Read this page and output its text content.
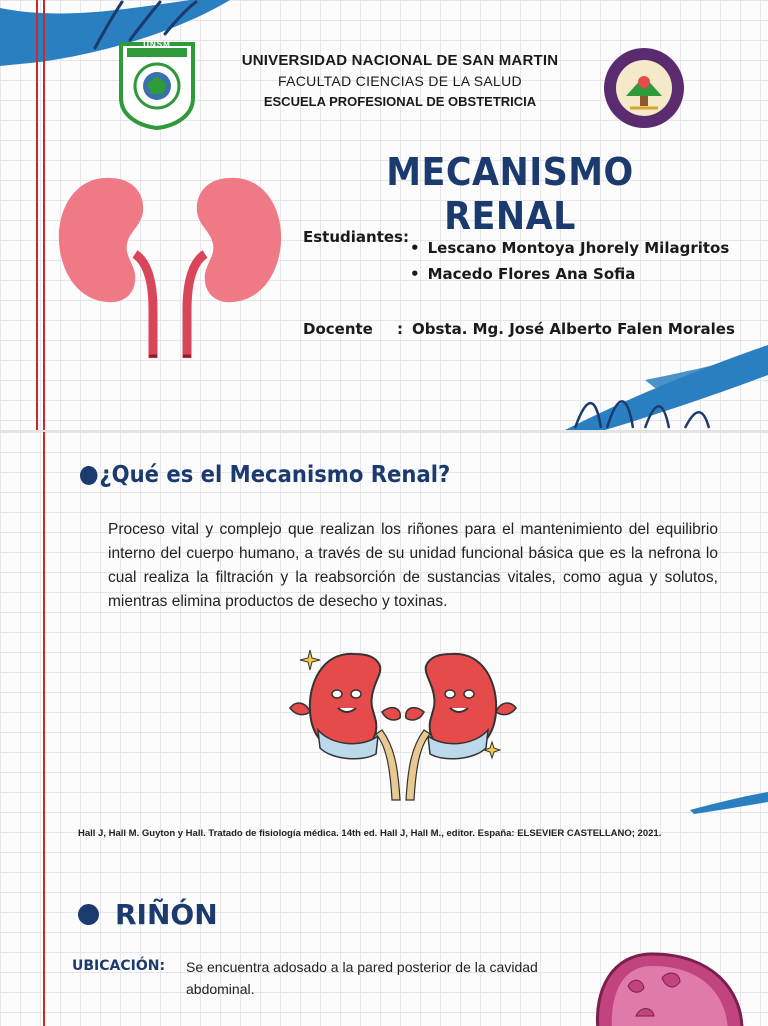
UNSM
UNIVERSIDAD NACIONAL DE SAN MARTIN
FACULTAD CIENCIAS DE LA SALUD
ESCUELA PROFESIONAL DE OBSTETRICIA
MECANISMO RENAL
Estudiantes:
• Lescano Montoya Jhorely Milagritos
• Macedo Flores Ana Sofia
Docente : Obsta. Mg. José Alberto Falen Morales
¿Qué es el Mecanismo Renal?
Proceso vital y complejo que realizan los riñones para el mantenimiento del equilibrio interno del cuerpo humano, a través de su unidad funcional básica que es la nefrona lo cual realiza la filtración y la reabsorción de sustancias vitales, como agua y solutos, mientras elimina productos de desecho y toxinas.
Hall J, Hall M. Guyton y Hall. Tratado de fisiología médica. 14th ed. Hall J, Hall M., editor. España: ELSEVIER CASTELLANO; 2021.
RIÑÓN
UBICACIÓN: Se encuentra adosado a la pared posterior de la cavidad abdominal.
